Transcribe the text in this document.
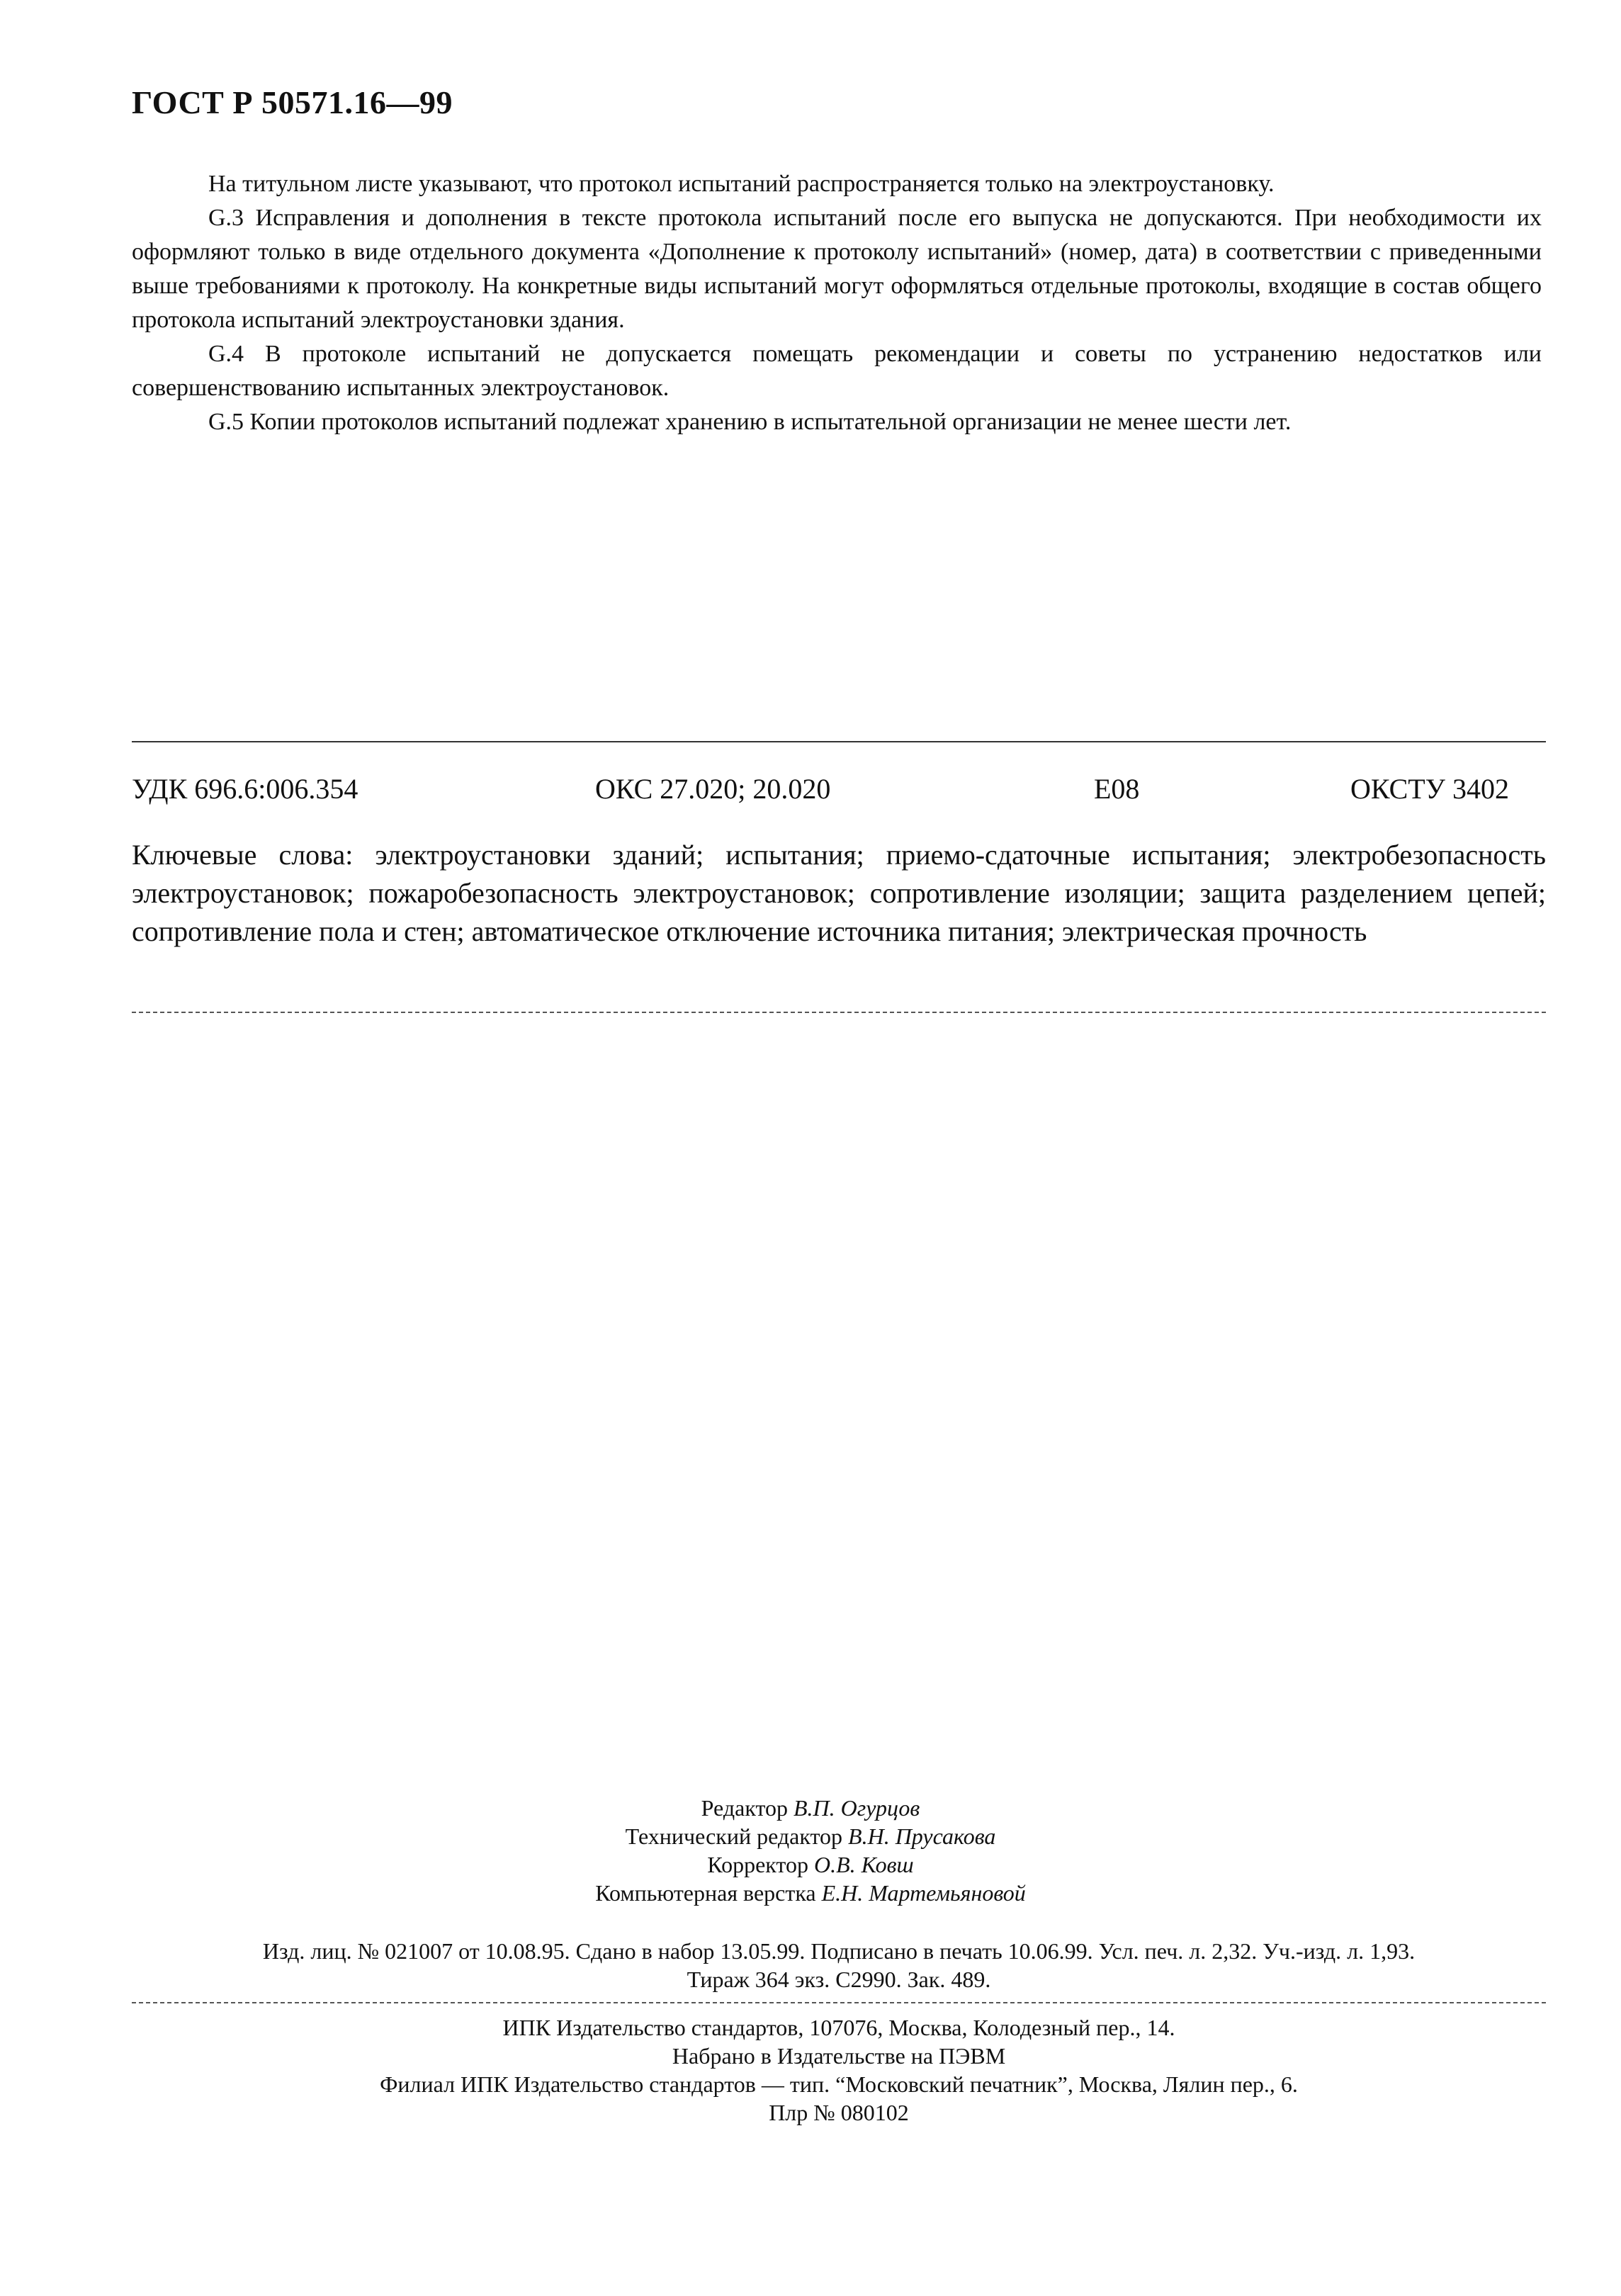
ГОСТ Р 50571.16—99

На титульном листе указывают, что протокол испытаний распространяется только на электроустановку.

G.3 Исправления и дополнения в тексте протокола испытаний после его выпуска не допускаются. При необходимости их оформляют только в виде отдельного документа «Дополнение к протоколу испытаний» (номер, дата) в соответствии с приведенными выше требованиями к протоколу. На конкретные виды испытаний могут оформляться отдельные протоколы, входящие в состав общего протокола испытаний электроустановки здания.

G.4 В протоколе испытаний не допускается помещать рекомендации и советы по устранению недостатков или совершенствованию испытанных электроустановок.

G.5 Копии протоколов испытаний подлежат хранению в испытательной организации не менее шести лет.

УДК 696.6:006.354	ОКС 27.020; 20.020	Е08	ОКСТУ 3402
Ключевые слова: электроустановки зданий; испытания; приемо-сдаточные испытания; электробезопасность электроустановок; пожаробезопасность электроустановок; сопротивление изоляции; защита разделением цепей; сопротивление пола и стен; автоматическое отключение источника питания; электрическая прочность
Редактор В.П. Огурцов
Технический редактор В.Н. Прусакова
Корректор О.В. Ковш
Компьютерная верстка Е.Н. Мартемьяновой
Изд. лиц. № 021007 от 10.08.95. Сдано в набор 13.05.99. Подписано в печать 10.06.99. Усл. печ. л. 2,32. Уч.-изд. л. 1,93.
Тираж 364 экз. С2990. Зак. 489.
ИПК Издательство стандартов, 107076, Москва, Колодезный пер., 14.
Набрано в Издательстве на ПЭВМ
Филиал ИПК Издательство стандартов — тип. “Московский печатник”, Москва, Лялин пер., 6.
Плр № 080102
